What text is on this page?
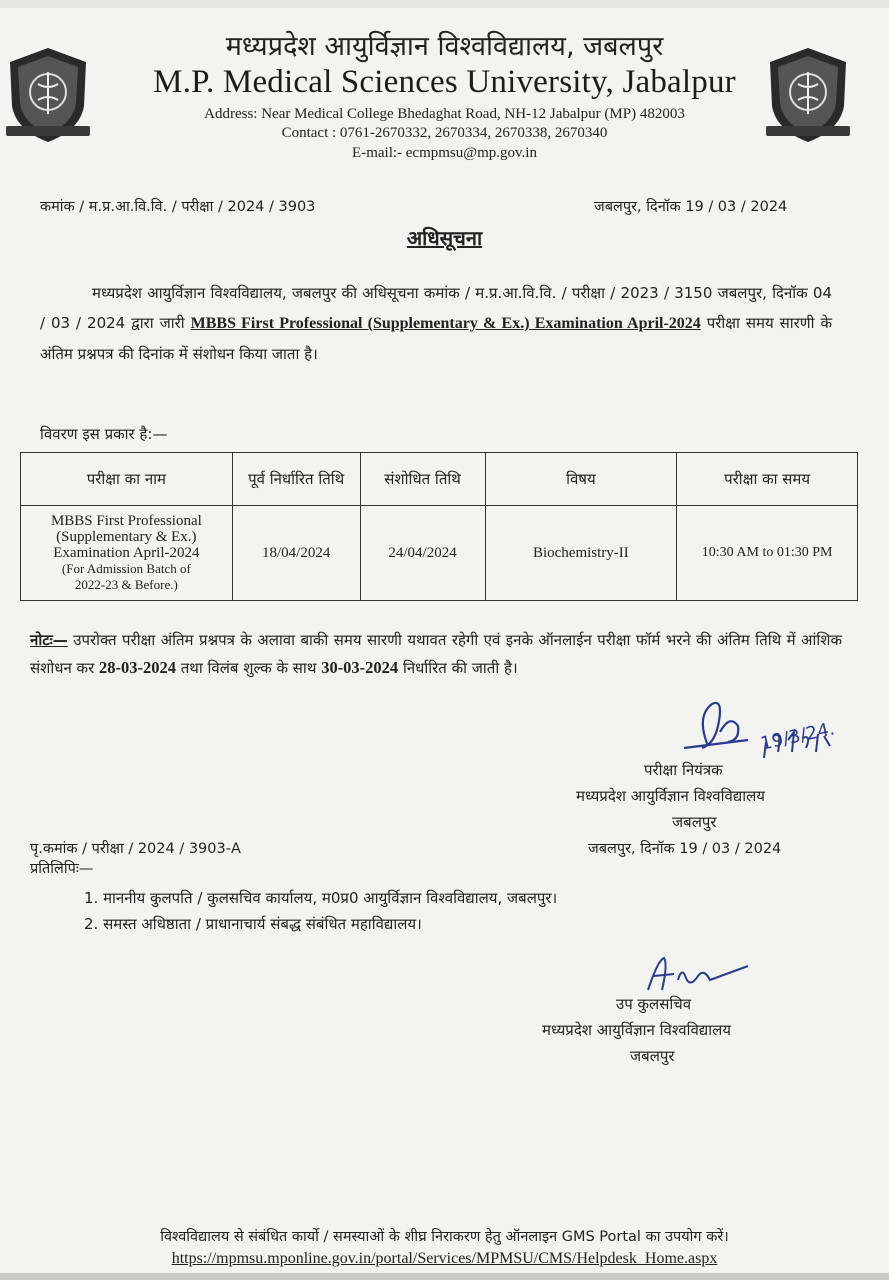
मध्यप्रदेश आयुर्विज्ञान विश्वविद्यालय, जबलपुर
M.P. Medical Sciences University, Jabalpur
Address: Near Medical College Bhedaghat Road, NH-12 Jabalpur (MP) 482003
Contact : 0761-2670332, 2670334, 2670338, 2670340
E-mail:- ecmpmsu@mp.gov.in
कमांक / म.प्र.आ.वि.वि. / परीक्षा / 2024 / 3903	जबलपुर, दिनॉक 19 / 03 / 2024
अधिसूचना
मध्यप्रदेश आयुर्विज्ञान विश्वविद्यालय, जबलपुर की अधिसूचना कमांक / म.प्र.आ.वि.वि. / परीक्षा / 2023 / 3150 जबलपुर, दिनॉक 04 / 03 / 2024 द्वारा जारी MBBS First Professional (Supplementary & Ex.) Examination April-2024 परीक्षा समय सारणी के अंतिम प्रश्नपत्र की दिनांक में संशोधन किया जाता है।
विवरण इस प्रकार है:—
परीक्षा का नाम	पूर्व निर्धारित तिथि	संशोधित तिथि	विषय	परीक्षा का समय

MBBS First Professional
(Supplementary & Ex.)
Examination April-2024
(For Admission Batch of
2022-23 & Before.)	18/04/2024	24/04/2024	Biochemistry-II	10:30 AM to 01:30 PM
नोटः— उपरोक्त परीक्षा अंतिम प्रश्नपत्र के अलावा बाकी समय सारणी यथावत रहेगी एवं इनके ऑनलाईन परीक्षा फॉर्म भरने की अंतिम तिथि में आंशिक संशोधन कर 28-03-2024 तथा विलंब शुल्क के साथ 30-03-2024 निर्धारित की जाती है।
19/3/24.
परीक्षा नियंत्रक
मध्यप्रदेश आयुर्विज्ञान विश्वविद्यालय
जबलपुर
पृ.कमांक / परीक्षा / 2024 / 3903-A	जबलपुर, दिनॉक 19 / 03 / 2024
प्रतिलिपिः—
1. माननीय कुलपति / कुलसचिव कार्यालय, म0प्र0 आयुर्विज्ञान विश्वविद्यालय, जबलपुर।
2. समस्त अधिष्ठाता / प्राधानाचार्य संबद्ध संबंधित महाविद्यालय।
उप कुलसचिव
मध्यप्रदेश आयुर्विज्ञान विश्वविद्यालय
जबलपुर
विश्वविद्यालय से संबंधित कार्यो / समस्याओं के शीघ्र निराकरण हेतु ऑनलाइन GMS Portal का उपयोग करें।
https://mpmsu.mponline.gov.in/portal/Services/MPMSU/CMS/Helpdesk_Home.aspx
